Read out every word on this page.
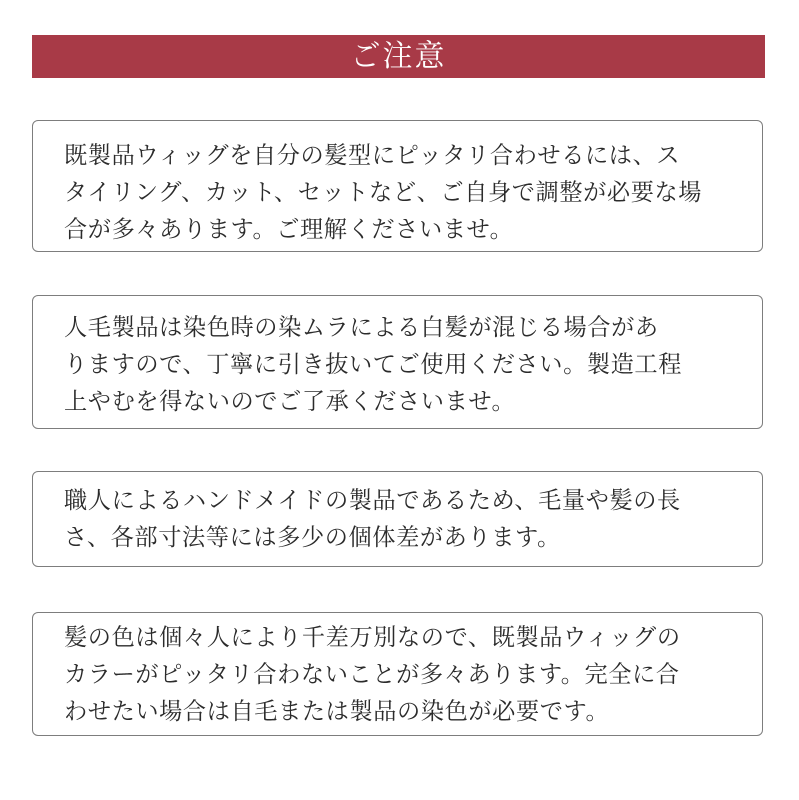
ご注意
既製品ウィッグを自分の髪型にピッタリ合わせるには、ス
タイリング、カット、セットなど、ご自身で調整が必要な場
合が多々あります。ご理解くださいませ。
人毛製品は染色時の染ムラによる白髪が混じる場合があ
りますので、丁寧に引き抜いてご使用ください。製造工程
上やむを得ないのでご了承くださいませ。
職人によるハンドメイドの製品であるため、毛量や髪の長
さ、各部寸法等には多少の個体差があります。
髪の色は個々人により千差万別なので、既製品ウィッグの
カラーがピッタリ合わないことが多々あります。完全に合
わせたい場合は自毛または製品の染色が必要です。
